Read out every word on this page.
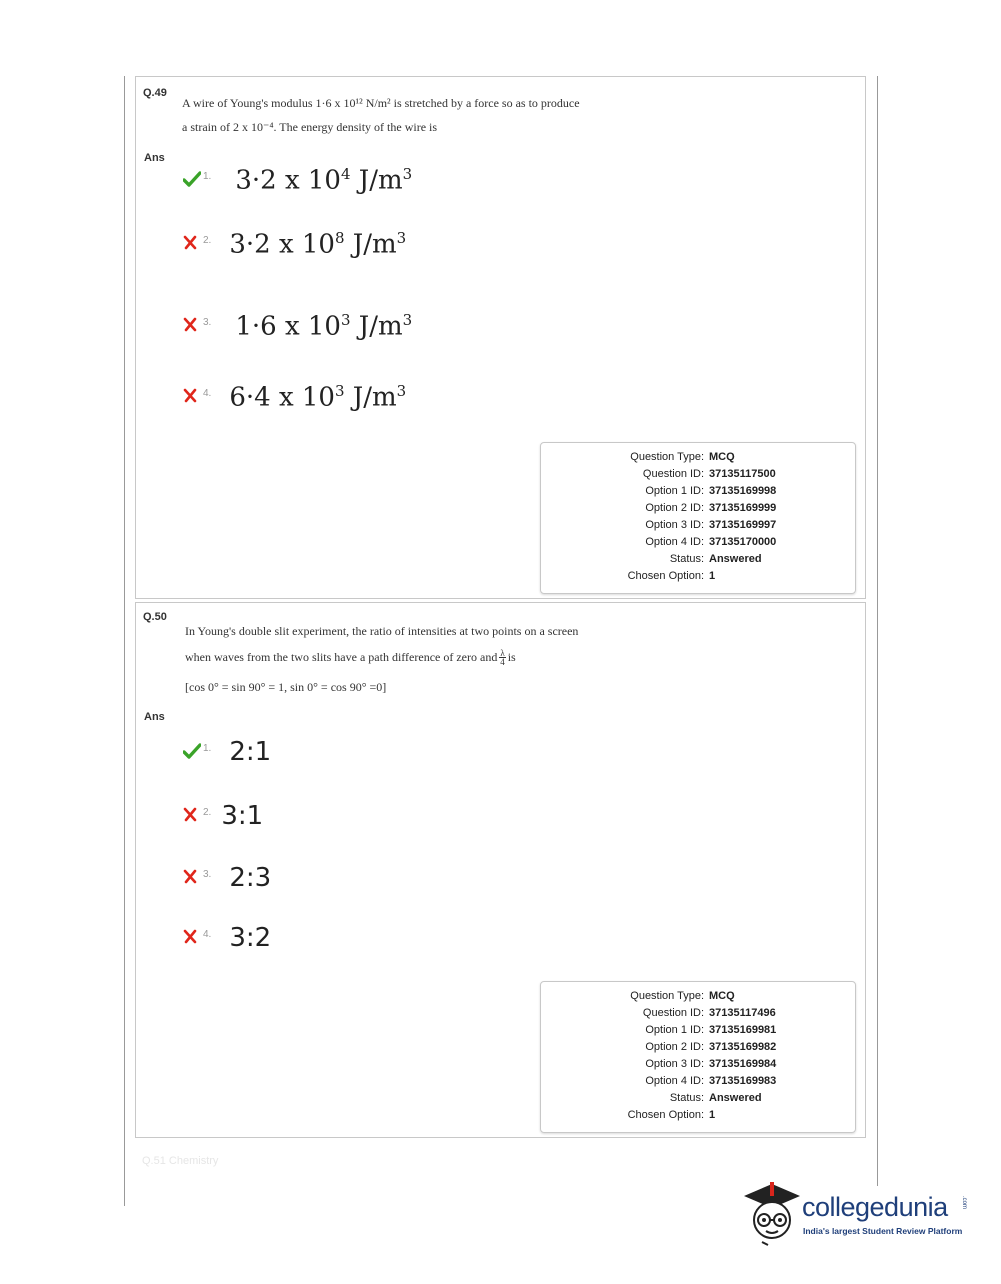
Q.49
A wire of Young's modulus 1·6 x 10¹² N/m² is stretched by a force so as to produce
a strain of 2 x 10⁻⁴. The energy density of the wire is
Ans
1. 3·2 x $10^4$ $J/m^3$
2. 3·2 x $10^8$ $J/m^3$
3. 1·6 x $10^3$ $J/m^3$
4. 6·4 x $10^3$ $J/m^3$
Question Type : MCQ
Question ID : 37135117500
Option 1 ID : 37135169998
Option 2 ID : 37135169999
Option 3 ID : 37135169997
Option 4 ID : 37135170000
Status : Answered
Chosen Option : 1
Q.50
In Young's double slit experiment, the ratio of intensities at two points on a screen
when waves from the two slits have a path difference of zero and $\frac{\lambda}{4}$ is
[cos 0° = sin 90° = 1, sin 0° = cos 90° =0]
Ans
1. 2:1
2. 3:1
3. 2:3
4. 3:2
Question Type : MCQ
Question ID : 37135117496
Option 1 ID : 37135169981
Option 2 ID : 37135169982
Option 3 ID : 37135169984
Option 4 ID : 37135169983
Status : Answered
Chosen Option : 1
Q.51 Chemistry
collegedunia .com
India's largest Student Review Platform
